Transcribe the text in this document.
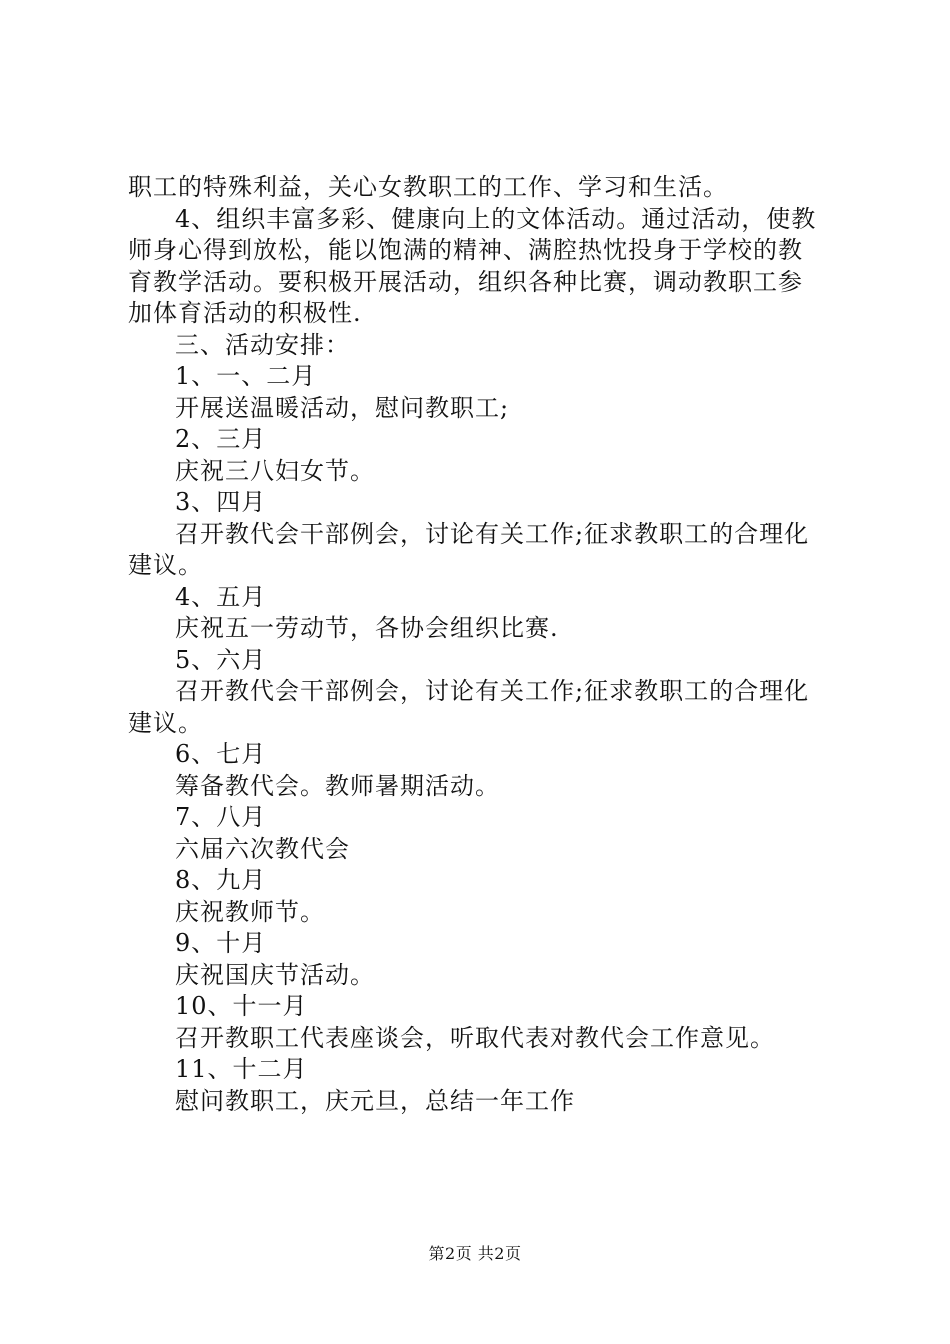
职工的特殊利益，关心女教职工的工作、学习和生活。
4、组织丰富多彩、健康向上的文体活动。通过活动，使教
师身心得到放松，能以饱满的精神、满腔热忱投身于学校的教
育教学活动。要积极开展活动，组织各种比赛，调动教职工参
加体育活动的积极性.
三、活动安排：
1、一、二月
开展送温暖活动，慰问教职工;
2、三月
庆祝三八妇女节。
3、四月
召开教代会干部例会，讨论有关工作;征求教职工的合理化
建议。
4、五月
庆祝五一劳动节，各协会组织比赛.
5、六月
召开教代会干部例会，讨论有关工作;征求教职工的合理化
建议。
6、七月
筹备教代会。教师暑期活动。
7、八月
六届六次教代会
8、九月
庆祝教师节。
9、十月
庆祝国庆节活动。
10、十一月
召开教职工代表座谈会，听取代表对教代会工作意见。
11、十二月
慰问教职工，庆元旦，总结一年工作
第2页 共2页
